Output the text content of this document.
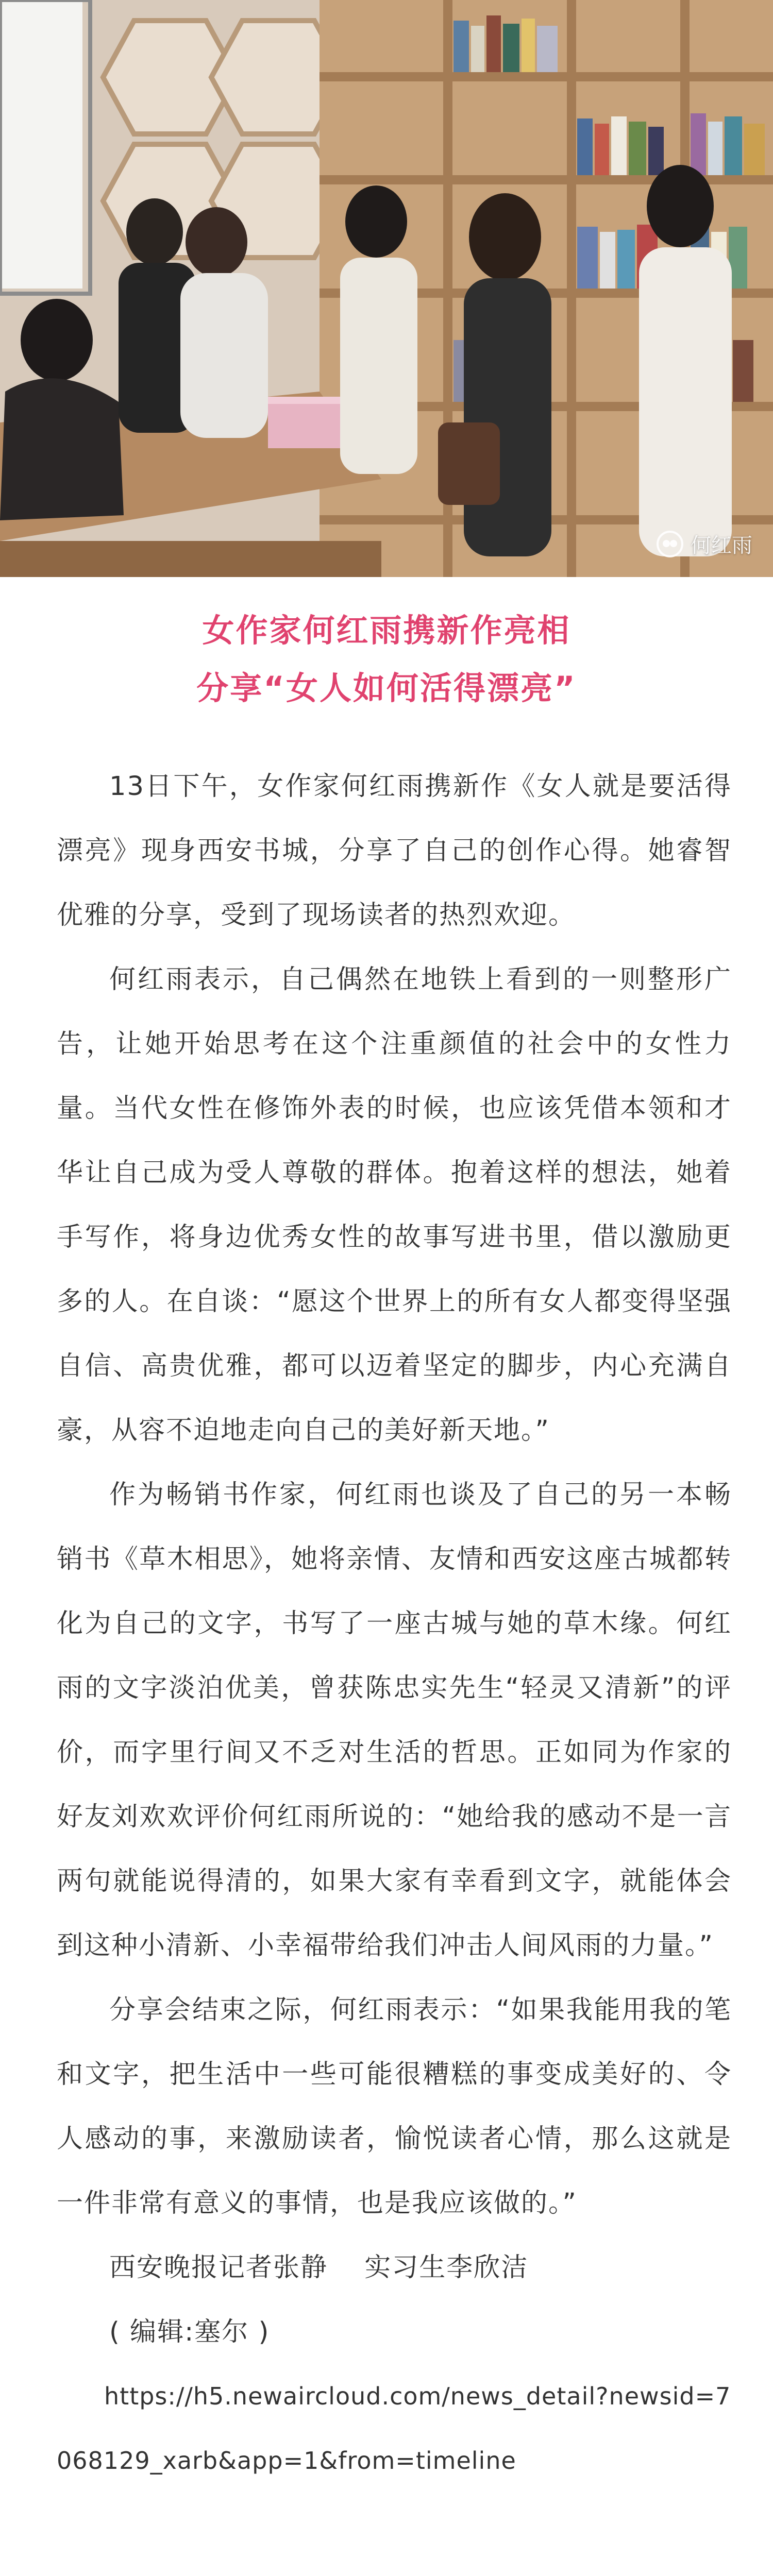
何红雨
女作家何红雨携新作亮相
分享“女人如何活得漂亮”

13日下午，女作家何红雨携新作《女人就是要活得漂亮》现身西安书城，分享了自己的创作心得。她睿智优雅的分享，受到了现场读者的热烈欢迎。

何红雨表示，自己偶然在地铁上看到的一则整形广告，让她开始思考在这个注重颜值的社会中的女性力量。当代女性在修饰外表的时候，也应该凭借本领和才华让自己成为受人尊敬的群体。抱着这样的想法，她着手写作，将身边优秀女性的故事写进书里，借以激励更多的人。在自谈：“愿这个世界上的所有女人都变得坚强自信、高贵优雅，都可以迈着坚定的脚步，内心充满自豪，从容不迫地走向自己的美好新天地。”

作为畅销书作家，何红雨也谈及了自己的另一本畅销书《草木相思》，她将亲情、友情和西安这座古城都转化为自己的文字，书写了一座古城与她的草木缘。何红雨的文字淡泊优美，曾获陈忠实先生“轻灵又清新”的评价，而字里行间又不乏对生活的哲思。正如同为作家的好友刘欢欢评价何红雨所说的：“她给我的感动不是一言两句就能说得清的，如果大家有幸看到文字，就能体会到这种小清新、小幸福带给我们冲击人间风雨的力量。”

分享会结束之际，何红雨表示：“如果我能用我的笔和文字，把生活中一些可能很糟糕的事变成美好的、令人感动的事，来激励读者，愉悦读者心情，那么这就是一件非常有意义的事情，也是我应该做的。”

西安晚报记者张静　 实习生李欣洁

( 编辑:塞尔 )

https://h5.newaircloud.com/news_detail?newsid=7068129_xarb&app=1&from=timeline
